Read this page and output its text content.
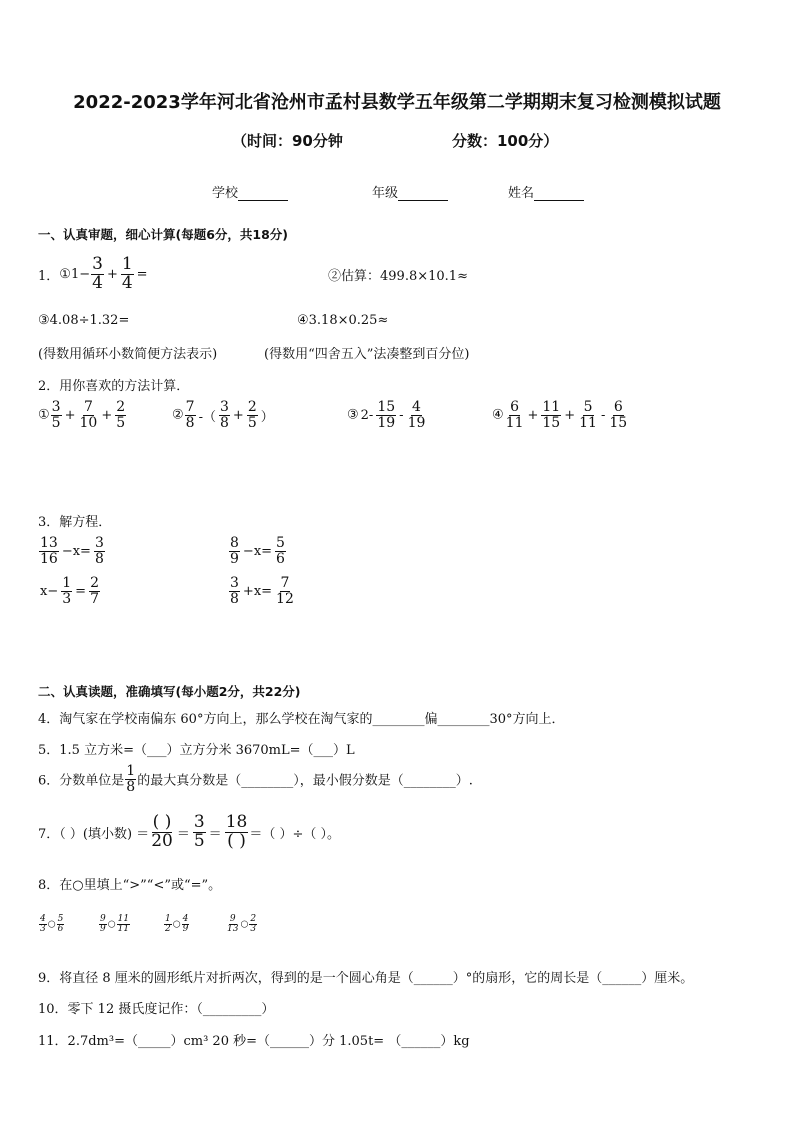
2022-2023学年河北省沧州市孟村县数学五年级第二学期期末复习检测模拟试题
（时间：90分钟	分数：100分）
学校	年级	姓名
一、认真审题，细心计算(每题6分，共18分)
1．①1− $\frac{3}{4} + \frac{1}{4}$ =	②估算：499.8×10.1≈
③4.08÷1.32=	④3.18×0.25≈
(得数用循环小数简便方法表示)	(得数用“四舍五入”法凑整到百分位)
2．用你喜欢的方法计算．
① $\frac{3}{5} + \frac{7}{10} + \frac{2}{5}$	② $\frac{7}{8}$ -（ $\frac{3}{8} + \frac{2}{5}$ ）	③ $2- \frac{15}{19} - \frac{4}{19}$	④ $\frac{6}{11} + \frac{11}{15} + \frac{5}{11} - \frac{6}{15}$
3．解方程．
$\frac{13}{16} -x= \frac{3}{8}$	$\frac{8}{9} -x= \frac{5}{6}$
$x- \frac{1}{3} = \frac{2}{7}$	$\frac{3}{8} +x= \frac{7}{12}$
二、认真读题，准确填写(每小题2分，共22分)
4．淘气家在学校南偏东 60°方向上，那么学校在淘气家的________偏________30°方向上．
5．1.5 立方米=（___）立方分米 3670mL=（___）L
6．分数单位是 $\frac{1}{8}$ 的最大真分数是（________），最小假分数是（________）.
7．（ ）(填小数) ＝ $\frac{( )}{20} = \frac{3}{5} = \frac{18}{( )}$ ＝（ ）÷（ ）。
8．在○里填上“>”“<”或“=”。
$\frac{4}{3}$ ○ $\frac{5}{6}$	$\frac{9}{9}$ ○ $\frac{11}{11}$	$\frac{1}{2}$ ○ $\frac{4}{9}$	$\frac{9}{13}$ ○ $\frac{2}{3}$
9．将直径 8 厘米的圆形纸片对折两次，得到的是一个圆心角是（______）°的扇形，它的周长是（______）厘米。
10．零下 12 摄氏度记作：（_________）
11．2.7dm³=（_____）cm³ 20 秒=（______）分 1.05t= （______）kg
